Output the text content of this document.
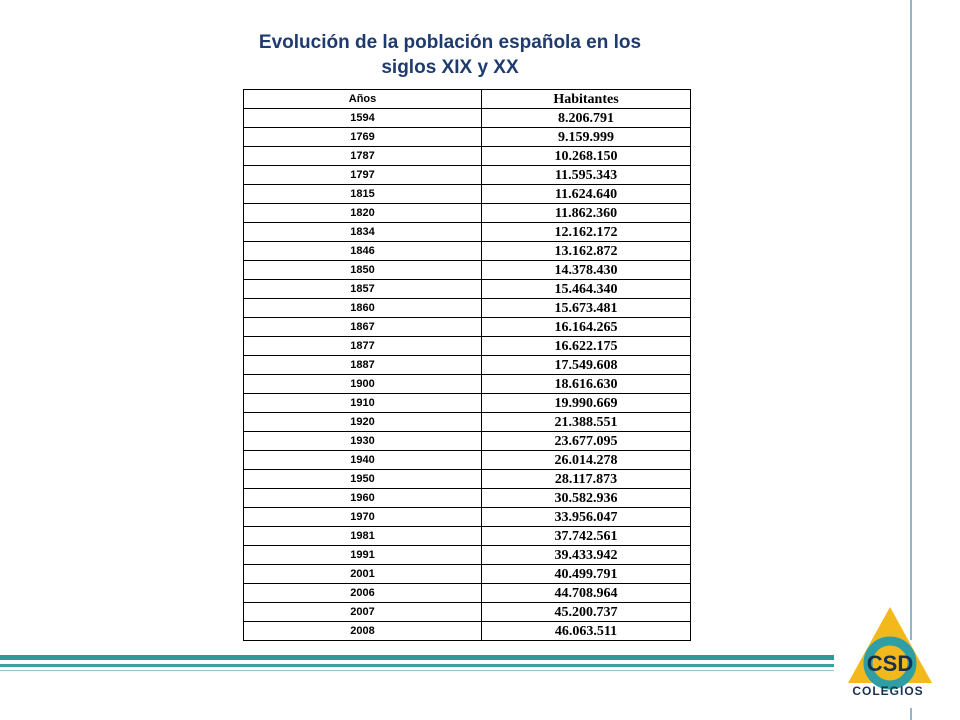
Evolución de la población española en los
siglos XIX y XX
Años	Habitantes
1594	8.206.791
1769	9.159.999
1787	10.268.150
1797	11.595.343
1815	11.624.640
1820	11.862.360
1834	12.162.172
1846	13.162.872
1850	14.378.430
1857	15.464.340
1860	15.673.481
1867	16.164.265
1877	16.622.175
1887	17.549.608
1900	18.616.630
1910	19.990.669
1920	21.388.551
1930	23.677.095
1940	26.014.278
1950	28.117.873
1960	30.582.936
1970	33.956.047
1981	37.742.561
1991	39.433.942
2001	40.499.791
2006	44.708.964
2007	45.200.737
2008	46.063.511
CSD
COLEGIOS
